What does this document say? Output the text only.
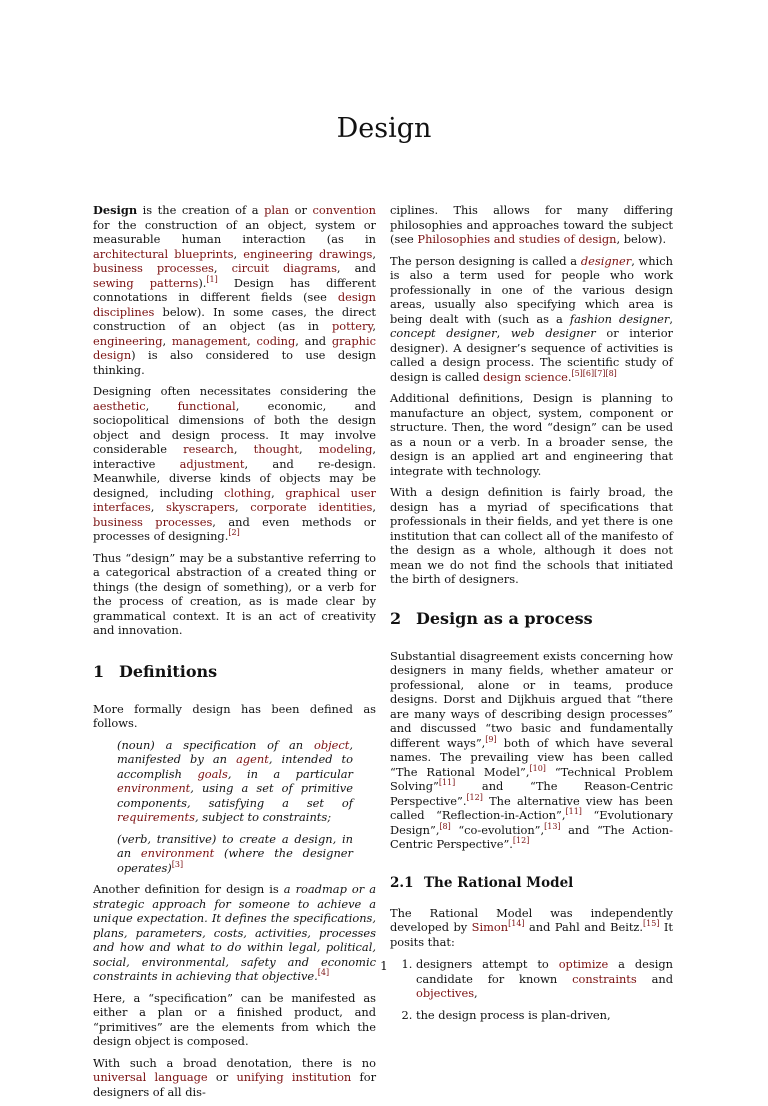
Design

Design is the creation of a plan or convention for the construction of an object, system or measurable human interaction (as in architectural blueprints, engineering drawings, business processes, circuit diagrams, and sewing patterns).[1] Design has different connotations in different fields (see design disciplines below). In some cases, the direct construction of an object (as in pottery, engineering, management, coding, and graphic design) is also considered to use design thinking.

Designing often necessitates considering the aesthetic, functional, economic, and sociopolitical dimensions of both the design object and design process. It may involve considerable research, thought, modeling, interactive adjustment, and re-design. Meanwhile, diverse kinds of objects may be designed, including clothing, graphical user interfaces, skyscrapers, corporate identities, business processes, and even methods or processes of designing.[2]

Thus “design” may be a substantive referring to a categorical abstraction of a created thing or things (the design of something), or a verb for the process of creation, as is made clear by grammatical context. It is an act of creativity and innovation.

1 Definitions

More formally design has been defined as follows.

(noun) a specification of an object, manifested by an agent, intended to accomplish goals, in a particular environment, using a set of primitive components, satisfying a set of requirements, subject to constraints;

(verb, transitive) to create a design, in an environment (where the designer operates)[3]

Another definition for design is a roadmap or a strategic approach for someone to achieve a unique expectation. It defines the specifications, plans, parameters, costs, activities, processes and how and what to do within legal, political, social, environmental, safety and economic constraints in achieving that objective.[4]

Here, a “specification” can be manifested as either a plan or a finished product, and “primitives” are the elements from which the design object is composed.

With such a broad denotation, there is no universal language or unifying institution for designers of all dis-

ciplines. This allows for many differing philosophies and approaches toward the subject (see Philosophies and studies of design, below).

The person designing is called a designer, which is also a term used for people who work professionally in one of the various design areas, usually also specifying which area is being dealt with (such as a fashion designer, concept designer, web designer or interior designer). A designer’s sequence of activities is called a design process. The scientific study of design is called design science.[5][6][7][8]

Additional definitions, Design is planning to manufacture an object, system, component or structure. Then, the word “design” can be used as a noun or a verb. In a broader sense, the design is an applied art and engineering that integrate with technology.

With a design definition is fairly broad, the design has a myriad of specifications that professionals in their fields, and yet there is one institution that can collect all of the manifesto of the design as a whole, although it does not mean we do not find the schools that initiated the birth of designers.

2 Design as a process

Substantial disagreement exists concerning how designers in many fields, whether amateur or professional, alone or in teams, produce designs. Dorst and Dijkhuis argued that “there are many ways of describing design processes” and discussed “two basic and fundamentally different ways”,[9] both of which have several names. The prevailing view has been called “The Rational Model”,[10] “Technical Problem Solving”[11] and “The Reason-Centric Perspective”.[12] The alternative view has been called “Reflection-in-Action”,[11] “Evolutionary Design”,[8] “co-evolution”,[13] and “The Action-Centric Perspective”.[12]

2.1 The Rational Model

The Rational Model was independently developed by Simon[14] and Pahl and Beitz.[15] It posits that:

1. designers attempt to optimize a design candidate for known constraints and objectives,
2. the design process is plan-driven,
1
